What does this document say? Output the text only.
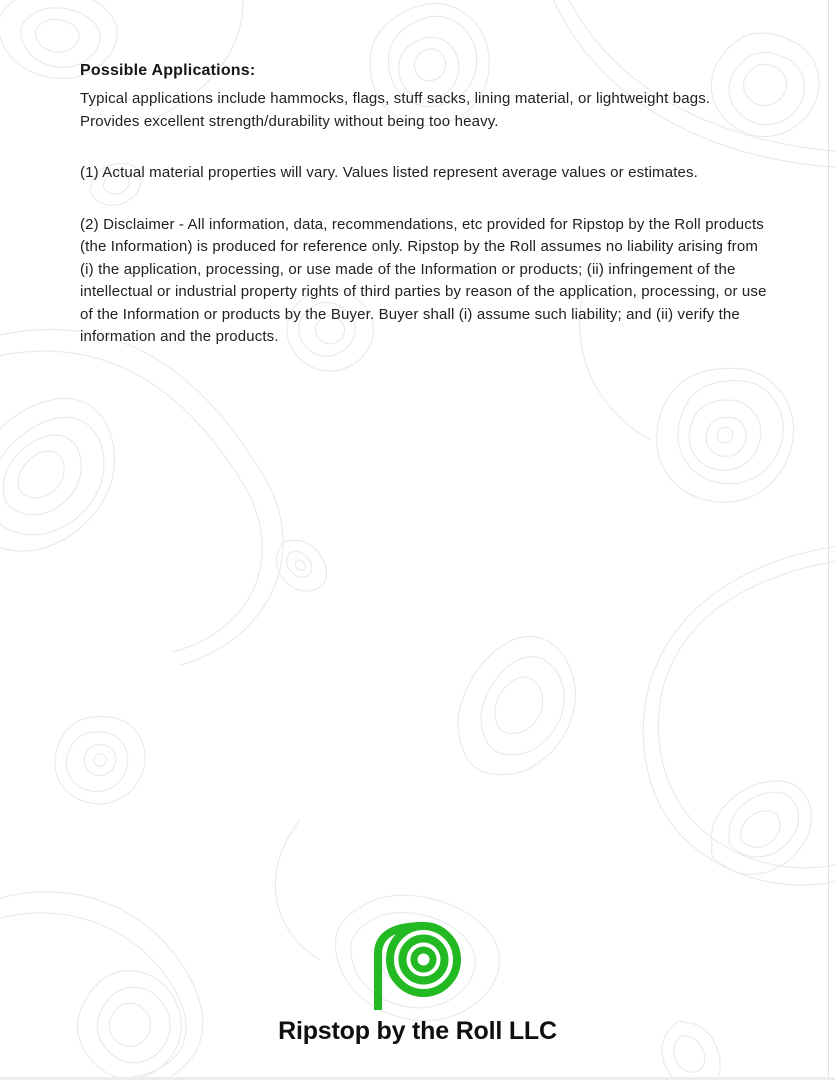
Possible Applications:

Typical applications include hammocks, flags, stuff sacks, lining material, or lightweight bags. Provides excellent strength/durability without being too heavy.

(1) Actual material properties will vary. Values listed represent average values or estimates.

(2) Disclaimer - All information, data, recommendations, etc provided for Ripstop by the Roll products (the Information) is produced for reference only. Ripstop by the Roll assumes no liability arising from (i) the application, processing, or use made of the Information or products; (ii) infringement of the intellectual or industrial property rights of third parties by reason of the application, processing, or use of the Information or products by the Buyer. Buyer shall (i) assume such liability; and (ii) verify the information and the products.

Ripstop by the Roll LLC
